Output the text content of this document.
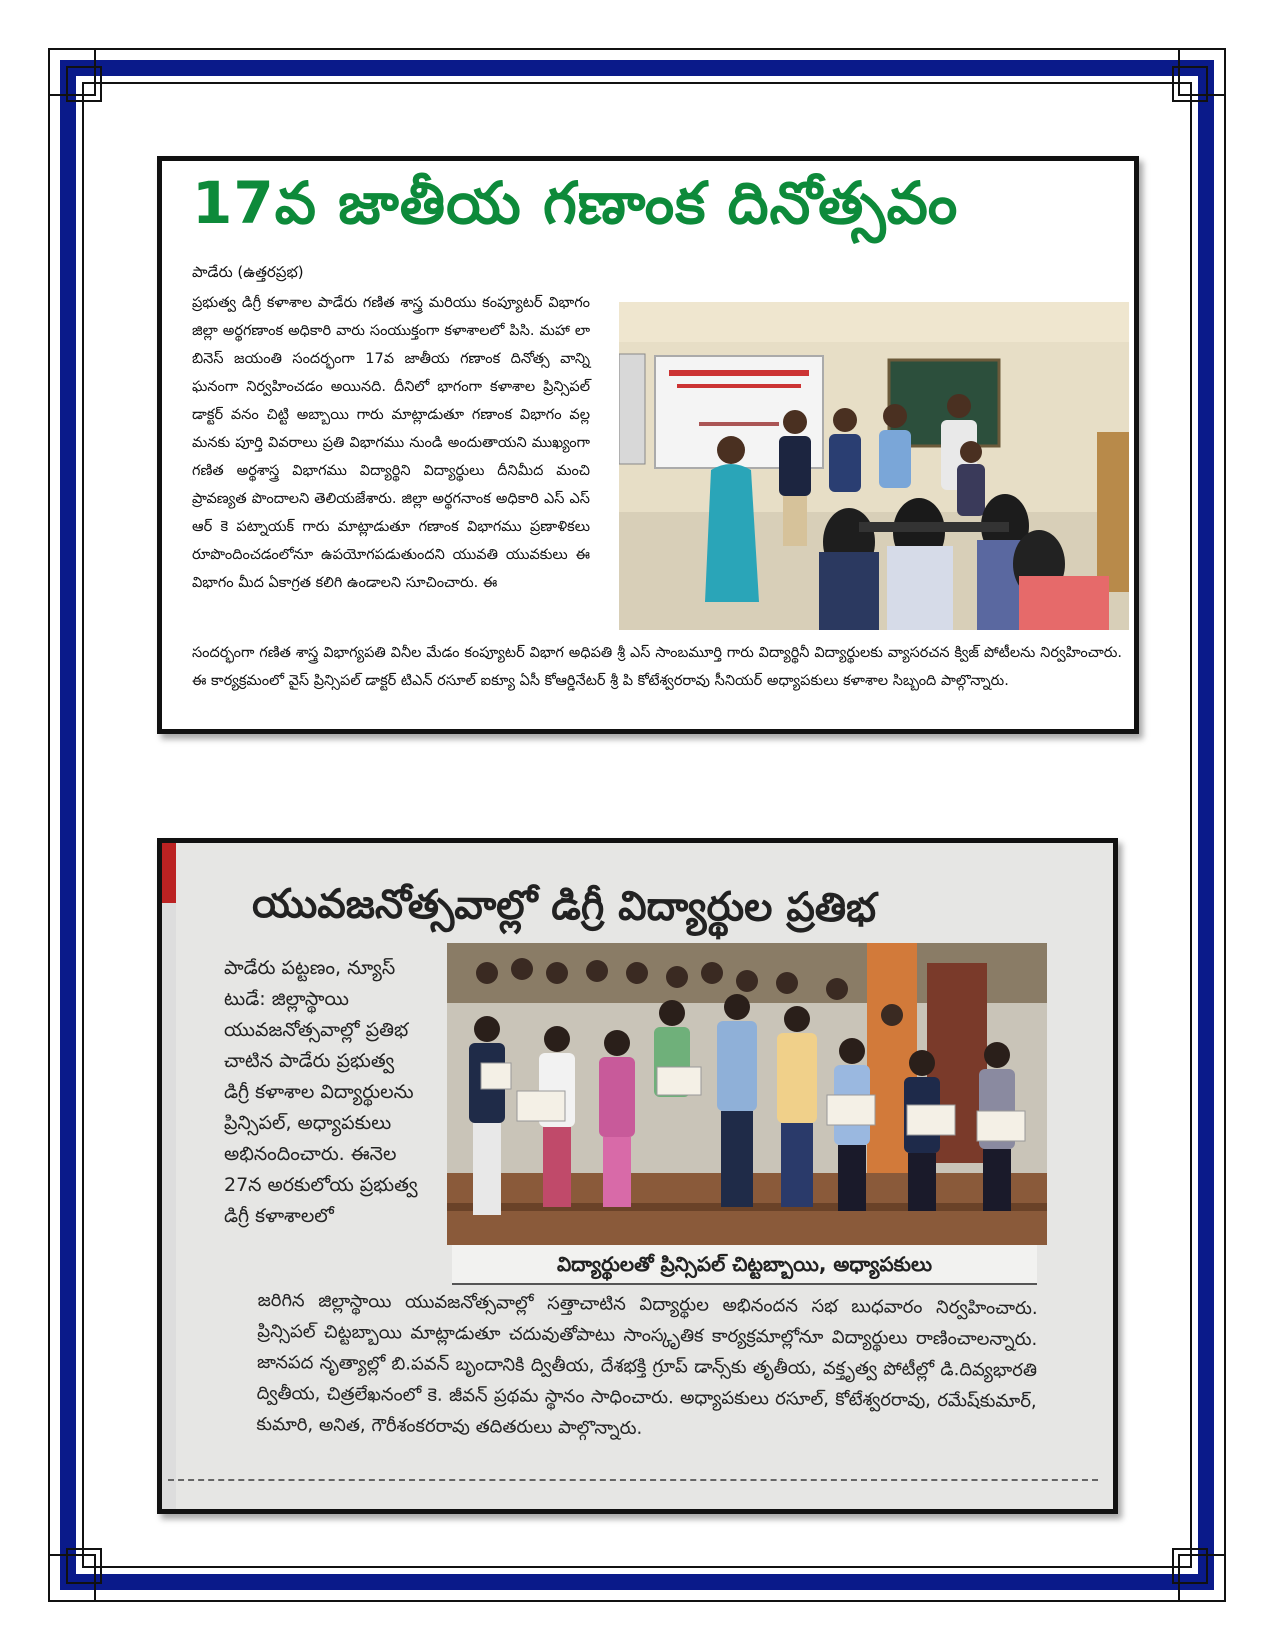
17వ జాతీయ గణాంక దినోత్సవం
పాడేరు (ఉత్తరప్రభ)
ప్రభుత్వ డిగ్రీ కళాశాల పాడేరు గణిత శాస్త్ర మరియు కంప్యూటర్ విభాగం జిల్లా అర్థగణాంక అధికారి వారు సంయుక్తంగా కళాశాలలో పిసి. మహా లా బినెస్ జయంతి సందర్భంగా 17వ జాతీయ గణాంక దినోత్స వాన్ని ఘనంగా నిర్వహించడం అయినది. దీనిలో భాగంగా కళాశాల ప్రిన్సిపల్ డాక్టర్ వనం చిట్టి అబ్బాయి గారు మాట్లాడుతూ గణాంక విభాగం వల్ల మనకు పూర్తి వివరాలు ప్రతి విభాగము నుండి అందుతాయని ముఖ్యంగా గణిత అర్థశాస్త్ర విభాగము విద్యార్థిని విద్యార్థులు దీనిమీద మంచి ప్రావణ్యత పొందాలని తెలియజేశారు. జిల్లా అర్థగనాంక అధికారి ఎస్ ఎస్ ఆర్ కె పట్నాయక్ గారు మాట్లాడుతూ గణాంక విభాగము ప్రణాళికలు రూపొందించడంలోనూ ఉపయోగపడుతుందని యువతి యువకులు ఈ విభాగం మీద ఏకాగ్రత కలిగి ఉండాలని సూచించారు. ఈ
సందర్భంగా గణిత శాస్త్ర విభాగ్యపతి వినీల మేడం కంప్యూటర్ విభాగ అధిపతి శ్రీ ఎస్ సాంబమూర్తి గారు విద్యార్థినీ విద్యార్థులకు వ్యాసరచన క్విజ్ పోటీలను నిర్వహించారు. ఈ కార్యక్రమంలో వైస్ ప్రిన్సిపల్ డాక్టర్ టిఎన్ రసూల్ ఐక్యూ ఏసీ కోఆర్డినేటర్ శ్రీ పి కోటేశ్వరరావు సీనియర్ అధ్యాపకులు కళాశాల సిబ్బంది పాల్గొన్నారు.
యువజనోత్సవాల్లో డిగ్రీ విద్యార్థుల ప్రతిభ
పాడేరు పట్టణం, న్యూస్ టుడే: జిల్లాస్థాయి యువజనోత్సవాల్లో ప్రతిభ చాటిన పాడేరు ప్రభుత్వ డిగ్రీ కళాశాల విద్యార్థులను ప్రిన్సిపల్, అధ్యాపకులు అభినందించారు. ఈనెల 27న అరకులోయ ప్రభుత్వ డిగ్రీ కళాశాలలో
విద్యార్థులతో ప్రిన్సిపల్ చిట్టబ్బాయి, అధ్యాపకులు
జరిగిన జిల్లాస్థాయి యువజనోత్సవాల్లో సత్తాచాటిన విద్యార్థుల అభినందన సభ బుధవారం నిర్వహించారు. ప్రిన్సిపల్ చిట్టబ్బాయి మాట్లాడుతూ చదువుతోపాటు సాంస్కృతిక కార్యక్రమాల్లోనూ విద్యార్థులు రాణించాలన్నారు. జానపద నృత్యాల్లో బి.పవన్ బృందానికి ద్వితీయ, దేశభక్తి గ్రూప్ డాన్స్‌కు తృతీయ, వక్తృత్వ పోటీల్లో డి.దివ్యభారతి ద్వితీయ, చిత్రలేఖనంలో కె. జీవన్ ప్రథమ స్థానం సాధించారు. అధ్యాపకులు రసూల్, కోటేశ్వరరావు, రమేష్‌కుమార్, కుమారి, అనిత, గౌరీశంకరరావు తదితరులు పాల్గొన్నారు.
